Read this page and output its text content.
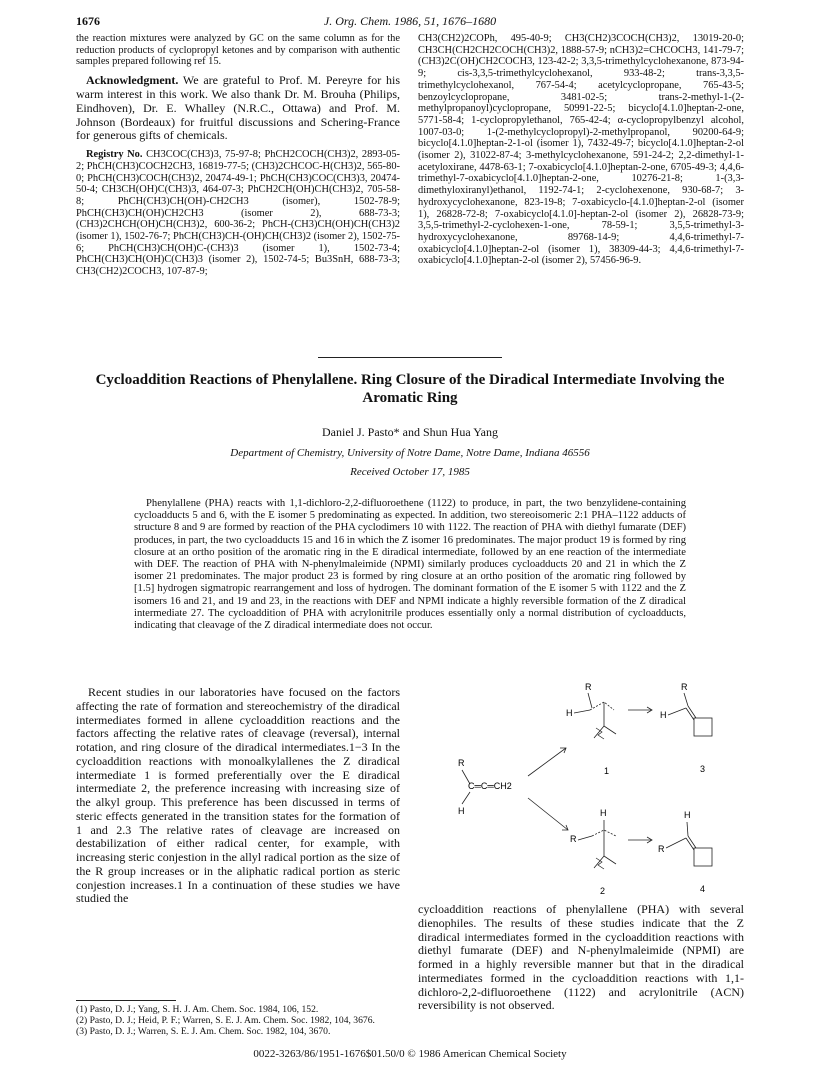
1676	J. Org. Chem. 1986, 51, 1676–1680

the reaction mixtures were analyzed by GC on the same column as for the reduction products of cyclopropyl ketones and by comparison with authentic samples prepared following ref 15.

Acknowledgment. We are grateful to Prof. M. Pereyre for his warm interest in this work. We also thank Dr. M. Brouha (Philips, Eindhoven), Dr. E. Whalley (N.R.C., Ottawa) and Prof. M. Johnson (Bordeaux) for fruitful discussions and Schering-France for generous gifts of chemicals.

Registry No. CH3COC(CH3)3, 75-97-8; PhCH2COCH(CH3)2, 2893-05-2; PhCH(CH3)COCH2CH3, 16819-77-5; (CH3)2CHCOC-H(CH3)2, 565-80-0; PhCH(CH3)COCH(CH3)2, 20474-49-1; PhCH(CH3)COC(CH3)3, 20474-50-4; CH3CH(OH)C(CH3)3, 464-07-3; PhCH2CH(OH)CH(CH3)2, 705-58-8; PhCH(CH3)CH(OH)-CH2CH3 (isomer), 1502-78-9; PhCH(CH3)CH(OH)CH2CH3 (isomer 2), 688-73-3; (CH3)2CHCH(OH)CH(CH3)2, 600-36-2; PhCH-(CH3)CH(OH)CH(CH3)2 (isomer 1), 1502-76-7; PhCH(CH3)CH-(OH)CH(CH3)2 (isomer 2), 1502-75-6; PhCH(CH3)CH(OH)C-(CH3)3 (isomer 1), 1502-73-4; PhCH(CH3)CH(OH)C(CH3)3 (isomer 2), 1502-74-5; Bu3SnH, 688-73-3; CH3(CH2)2COCH3, 107-87-9;

CH3(CH2)2COPh, 495-40-9; CH3(CH2)3COCH(CH3)2, 13019-20-0; CH3CH(CH2CH2COCH(CH3)2, 1888-57-9; nCH3)2=CHCOCH3, 141-79-7; (CH3)2C(OH)CH2COCH3, 123-42-2; 3,3,5-trimethylcyclohexanone, 873-94-9; cis-3,3,5-trimethylcyclohexanol, 933-48-2; trans-3,3,5-trimethylcyclohexanol, 767-54-4; acetylcyclopropane, 765-43-5; benzoylcyclopropane, 3481-02-5; trans-2-methyl-1-(2-methylpropanoyl)cyclopropane, 50991-22-5; bicyclo[4.1.0]heptan-2-one, 5771-58-4; 1-cyclopropylethanol, 765-42-4; α-cyclopropylbenzyl alcohol, 1007-03-0; 1-(2-methylcyclopropyl)-2-methylpropanol, 90200-64-9; bicyclo[4.1.0]heptan-2-1-ol (isomer 1), 7432-49-7; bicyclo[4.1.0]heptan-2-ol (isomer 2), 31022-87-4; 3-methylcyclohexanone, 591-24-2; 2,2-dimethyl-1-acetyloxirane, 4478-63-1; 7-oxabicyclo[4.1.0]heptan-2-one, 6705-49-3; 4,4,6-trimethyl-7-oxabicyclo[4.1.0]heptan-2-one, 10276-21-8; 1-(3,3-dimethyloxiranyl)ethanol, 1192-74-1; 2-cyclohexenone, 930-68-7; 3-hydroxycyclohexanone, 823-19-8; 7-oxabicyclo-[4.1.0]heptan-2-ol (isomer 1), 26828-72-8; 7-oxabicyclo[4.1.0]-heptan-2-ol (isomer 2), 26828-73-9; 3,5,5-trimethyl-2-cyclohexen-1-one, 78-59-1; 3,5,5-trimethyl-3-hydroxycyclohexanone, 89768-14-9; 4,4,6-trimethyl-7-oxabicyclo[4.1.0]heptan-2-ol (isomer 1), 38309-44-3; 4,4,6-trimethyl-7-oxabicyclo[4.1.0]heptan-2-ol (isomer 2), 57456-96-9.

Cycloaddition Reactions of Phenylallene. Ring Closure of the Diradical Intermediate Involving the Aromatic Ring
Daniel J. Pasto* and Shun Hua Yang
Department of Chemistry, University of Notre Dame, Notre Dame, Indiana 46556
Received October 17, 1985
Phenylallene (PHA) reacts with 1,1-dichloro-2,2-difluoroethene (1122) to produce, in part, the two benzylidene-containing cycloadducts 5 and 6, with the E isomer 5 predominating as expected. In addition, two stereoisomeric 2:1 PHA–1122 adducts of structure 8 and 9 are formed by reaction of the PHA cyclodimers 10 with 1122. The reaction of PHA with diethyl fumarate (DEF) produces, in part, the two cycloadducts 15 and 16 in which the Z isomer 16 predominates. The major product 19 is formed by ring closure at an ortho position of the aromatic ring in the E diradical intermediate, followed by an ene reaction of the intermediate with DEF. The reaction of PHA with N-phenylmaleimide (NPMI) similarly produces cycloadducts 20 and 21 in which the Z isomer 21 predominates. The major product 23 is formed by ring closure at an ortho position of the aromatic ring followed by [1.5] hydrogen sigmatropic rearrangement and loss of hydrogen. The dominant formation of the E isomer 5 with 1122 and the Z isomers 16 and 21, and 19 and 23, in the reactions with DEF and NPMI indicate a highly reversible formation of the Z diradical intermediate 27. The cycloaddition of PHA with acrylonitrile produces essentially only a normal distribution of cycloadducts, indicating that cleavage of the Z diradical intermediate does not occur.
Recent studies in our laboratories have focused on the factors affecting the rate of formation and stereochemistry of the diradical intermediates formed in allene cycloaddition reactions and the factors affecting the relative rates of cleavage (reversal), internal rotation, and ring closure of the diradical intermediates.1−3 In the cycloaddition reactions with monoalkylallenes the Z diradical intermediate 1 is formed preferentially over the E diradical intermediate 2, the preference increasing with increasing size of the alkyl group. This preference has been discussed in terms of steric effects generated in the transition states for the formation of 1 and 2.3 The relative rates of cleavage are increased on destabilization of either radical center, for example, with increasing steric conjestion in the allyl radical portion as the size of the R group increases or in the aliphatic radical portion as steric conjestion increases.1 In a continuation of these studies we have studied the
R
C═C═CH2
H
R
H
1
R
H
3
H
R
2
H
R
4
cycloaddition reactions of phenylallene (PHA) with several dienophiles. The results of these studies indicate that the Z diradical intermediates formed in the cycloaddition reactions with diethyl fumarate (DEF) and N-phenylmaleimide (NPMI) are formed in a highly reversible manner but that in the diradical intermediates formed in the cycloaddition reactions with 1,1-dichloro-2,2-difluoroethene (1122) and acrylonitrile (ACN) reversibility is not observed.
(1) Pasto, D. J.; Yang, S. H. J. Am. Chem. Soc. 1984, 106, 152.
(2) Pasto, D. J.; Heid, P. F.; Warren, S. E. J. Am. Chem. Soc. 1982, 104, 3676.
(3) Pasto, D. J.; Warren, S. E. J. Am. Chem. Soc. 1982, 104, 3670.
0022-3263/86/1951-1676$01.50/0 © 1986 American Chemical Society
